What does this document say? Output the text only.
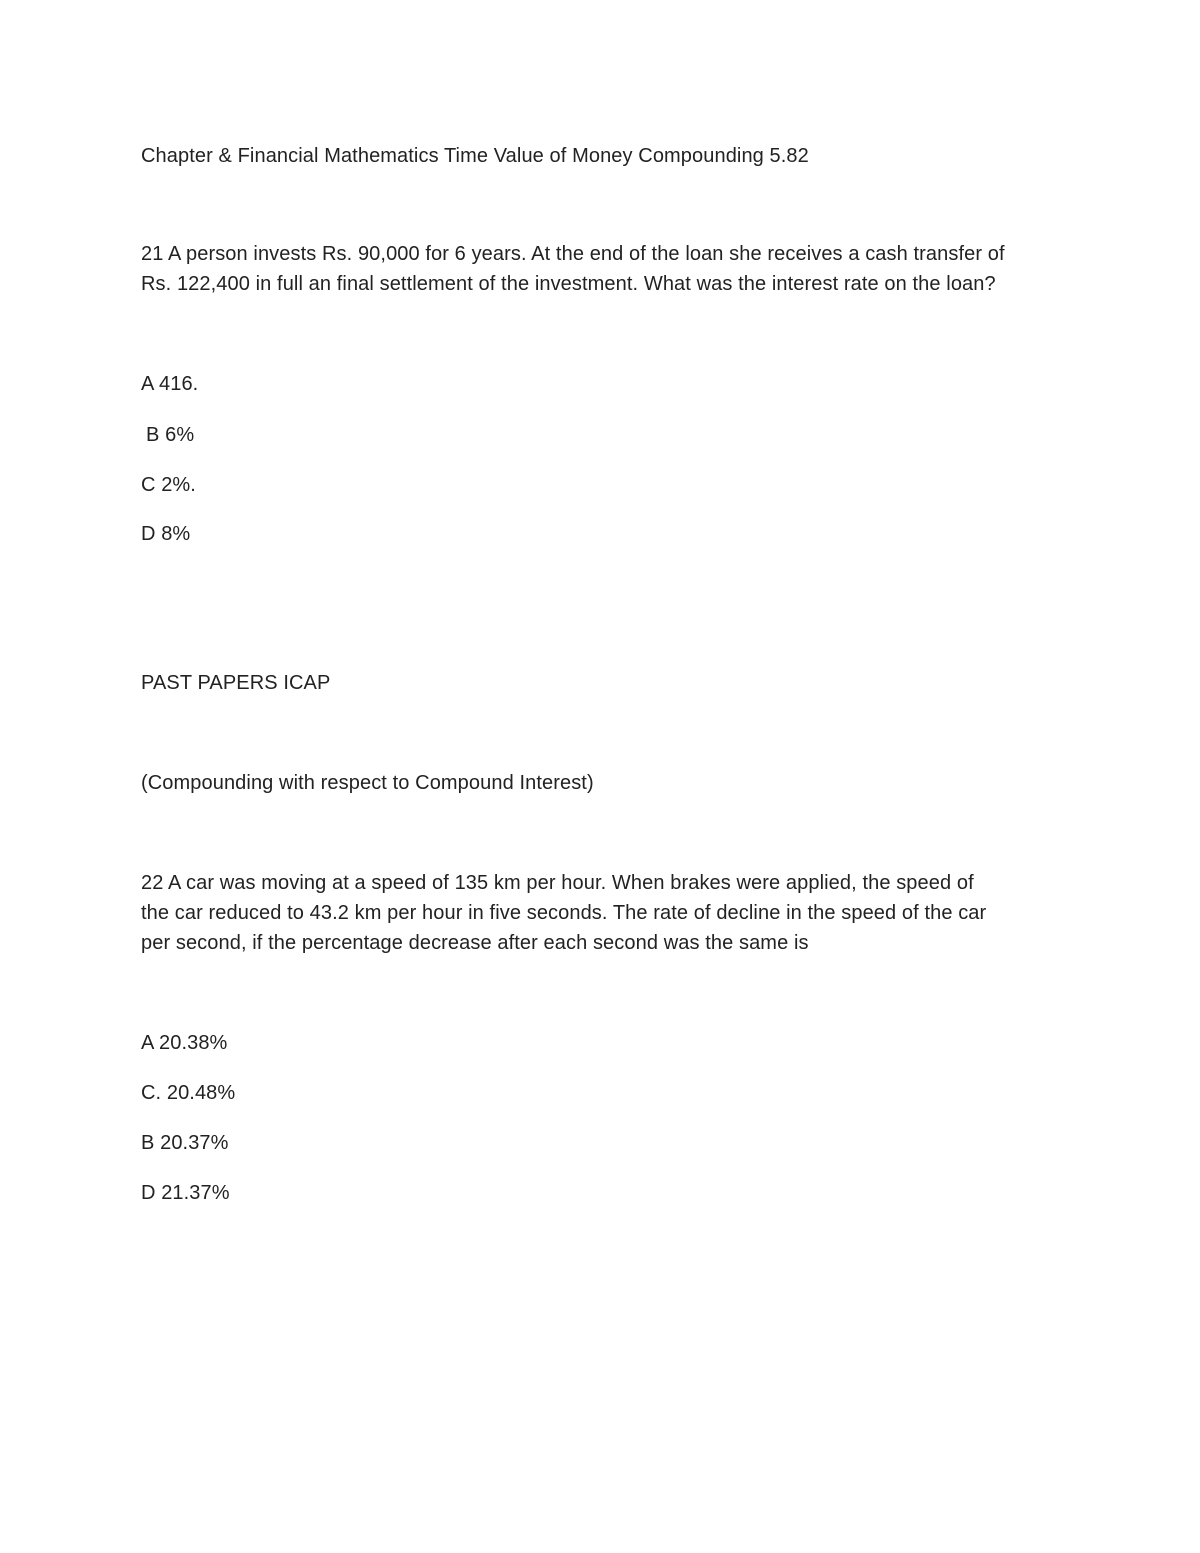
Chapter & Financial Mathematics Time Value of Money Compounding 5.82

21 A person invests Rs. 90,000 for 6 years. At the end of the loan she receives a cash transfer of

Rs. 122,400 in full an final settlement of the investment. What was the interest rate on the loan?

A 416.
B 6%
C 2%.
D 8%
PAST PAPERS ICAP
(Compounding with respect to Compound Interest)

22 A car was moving at a speed of 135 km per hour. When brakes were applied, the speed of

the car reduced to 43.2 km per hour in five seconds. The rate of decline in the speed of the car

per second, if the percentage decrease after each second was the same is

A 20.38%
C. 20.48%
B 20.37%
D 21.37%
